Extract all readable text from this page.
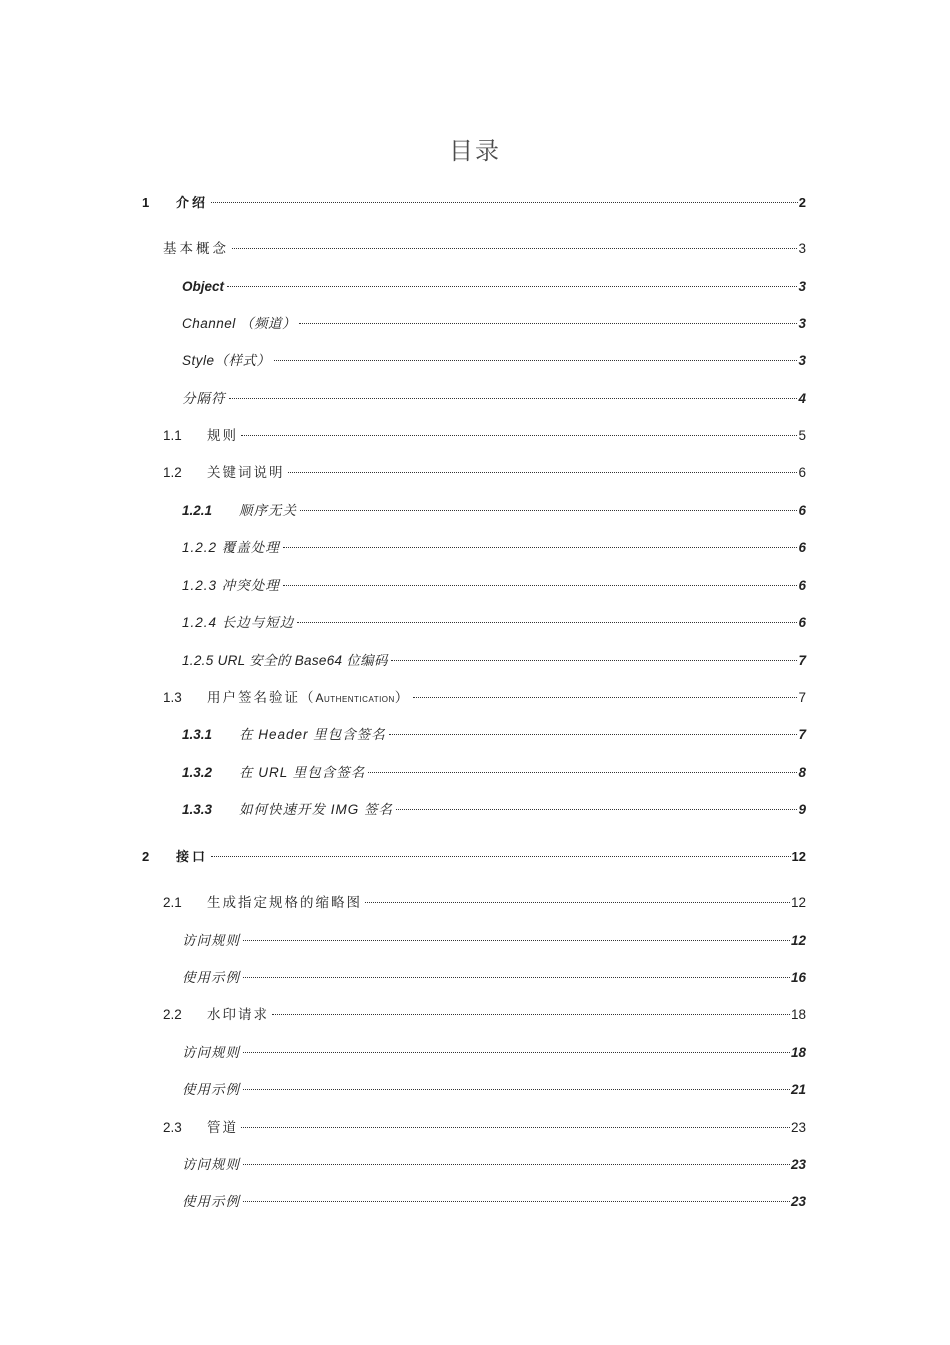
目录
1	介绍	2
基本概念	3
Object	3
Channel （频道）	3
Style（样式）	3
分隔符	4
1.1	规则	5
1.2	关键词说明	6
1.2.1	顺序无关	6
1.2.2 覆盖处理	6
1.2.3 冲突处理	6
1.2.4 长边与短边	6
1.2.5 URL 安全的 Base64 位编码	7
1.3	用户签名验证（Authentication）	7
1.3.1	在 Header 里包含签名	7
1.3.2	在 URL 里包含签名	8
1.3.3	如何快速开发 IMG 签名	9
2	接口	12
2.1	生成指定规格的缩略图	12
访问规则	12
使用示例	16
2.2	水印请求	18
访问规则	18
使用示例	21
2.3	管道	23
访问规则	23
使用示例	23
